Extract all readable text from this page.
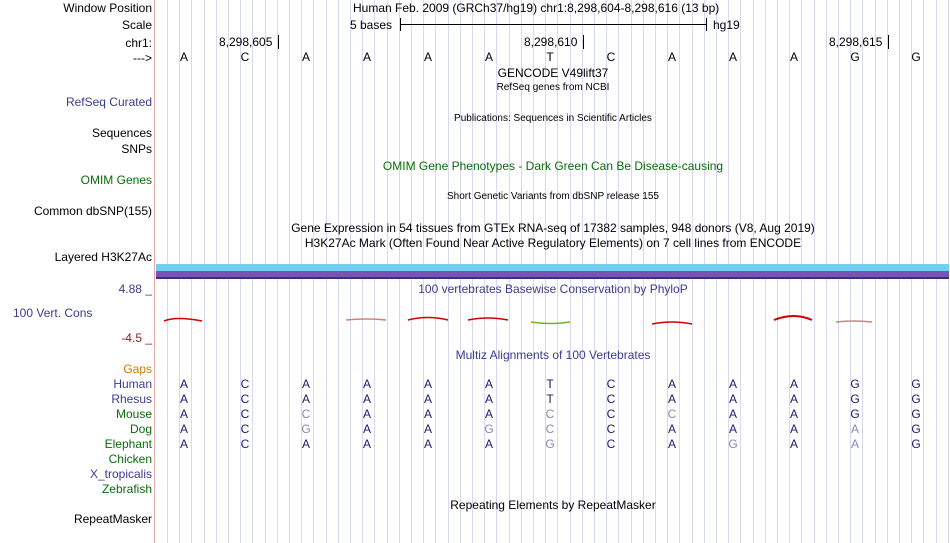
Window Position	Human Feb. 2009 (GRCh37/hg19) chr1:8,298,604-8,298,616 (13 bp)
Scale	5 bases	hg19
chr1:	8,298,605	8,298,610	8,298,615
--->	A	C	A	A	A	A	T	C	A	A	A	G	G
GENCODE V49lift37
RefSeq genes from NCBI
RefSeq Curated
Publications: Sequences in Scientific Articles
Sequences
SNPs
OMIM Gene Phenotypes - Dark Green Can Be Disease-causing
OMIM Genes
Short Genetic Variants from dbSNP release 155
Common dbSNP(155)
Gene Expression in 54 tissues from GTEx RNA-seq of 17382 samples, 948 donors (V8, Aug 2019)
H3K27Ac Mark (Often Found Near Active Regulatory Elements) on 7 cell lines from ENCODE
Layered H3K27Ac
4.88 _	100 vertebrates Basewise Conservation by PhyloP
100 Vert. Cons
-4.5 _
Multiz Alignments of 100 Vertebrates
Gaps
Human	A	C	A	A	A	A	T	C	A	A	A	G	G
Rhesus	A	C	A	A	A	A	T	C	A	A	A	G	G
Mouse	A	C	C	A	A	A	C	C	C	A	A	G	G
Dog	A	C	G	A	A	G	C	C	A	A	A	A	G
Elephant	A	C	A	A	A	A	G	C	A	G	A	A	G
Chicken
X_tropicalis
Zebrafish
Repeating Elements by RepeatMasker
RepeatMasker
